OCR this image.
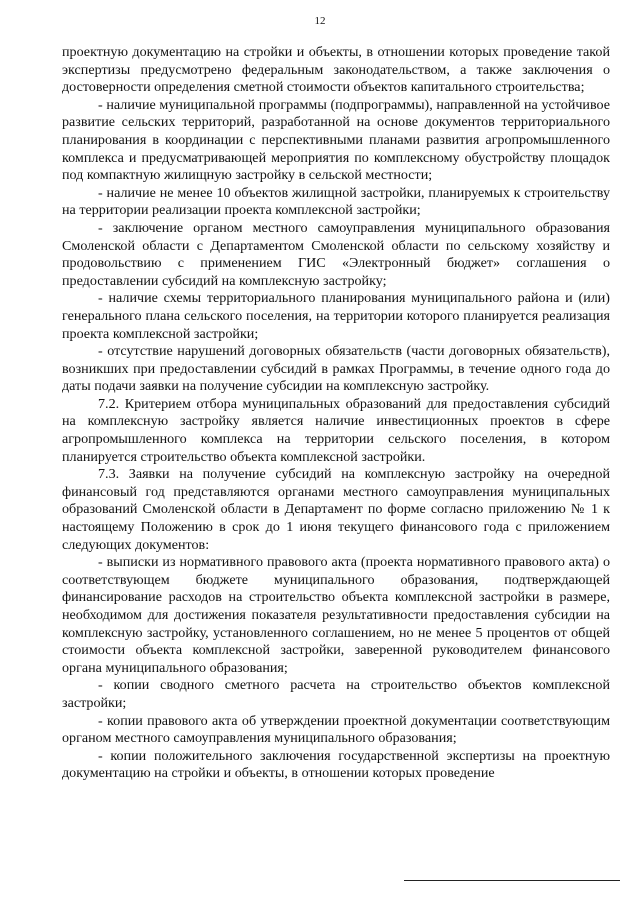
12

проектную документацию на стройки и объекты, в отношении которых проведение такой экспертизы предусмотрено федеральным законодательством, а также заключения о достоверности определения сметной стоимости объектов капитального строительства;

- наличие муниципальной программы (подпрограммы), направленной на устойчивое развитие сельских территорий, разработанной на основе документов территориального планирования в координации с перспективными планами развития агропромышленного комплекса и предусматривающей мероприятия по комплексному обустройству площадок под компактную жилищную застройку в сельской местности;

- наличие не менее 10 объектов жилищной застройки, планируемых к строительству на территории реализации проекта комплексной застройки;

- заключение органом местного самоуправления муниципального образования Смоленской области с Департаментом Смоленской области по сельскому хозяйству и продовольствию с применением ГИС «Электронный бюджет» соглашения о предоставлении субсидий на комплексную застройку;

- наличие схемы территориального планирования муниципального района и (или) генерального плана сельского поселения, на территории которого планируется реализация проекта комплексной застройки;

- отсутствие нарушений договорных обязательств (части договорных обязательств), возникших при предоставлении субсидий в рамках Программы, в течение одного года до даты подачи заявки на получение субсидии на комплексную застройку.

7.2. Критерием отбора муниципальных образований для предоставления субсидий на комплексную застройку является наличие инвестиционных проектов в сфере агропромышленного комплекса на территории сельского поселения, в котором планируется строительство объекта комплексной застройки.

7.3. Заявки на получение субсидий на комплексную застройку на очередной финансовый год представляются органами местного самоуправления муниципальных образований Смоленской области в Департамент по форме согласно приложению № 1 к настоящему Положению в срок до 1 июня текущего финансового года с приложением следующих документов:

- выписки из нормативного правового акта (проекта нормативного правового акта) о соответствующем бюджете муниципального образования, подтверждающей финансирование расходов на строительство объекта комплексной застройки в размере, необходимом для достижения показателя результативности предоставления субсидии на комплексную застройку, установленного соглашением, но не менее 5 процентов от общей стоимости объекта комплексной застройки, заверенной руководителем финансового органа муниципального образования;

- копии сводного сметного расчета на строительство объектов комплексной застройки;

- копии правового акта об утверждении проектной документации соответствующим органом местного самоуправления муниципального образования;

- копии положительного заключения государственной экспертизы на проектную документацию на стройки и объекты, в отношении которых проведение
